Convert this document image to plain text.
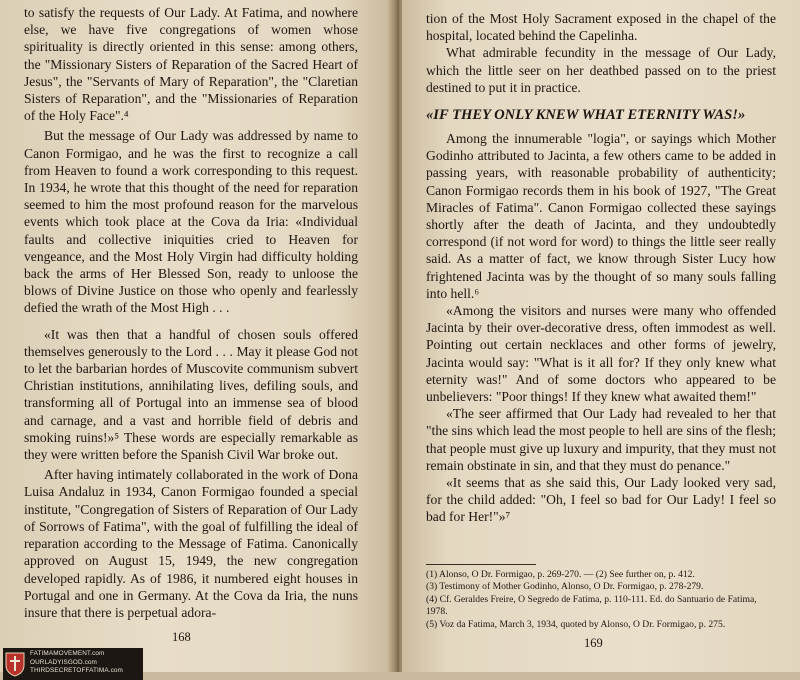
to satisfy the requests of Our Lady. At Fatima, and nowhere else, we have five congregations of women whose spirituality is directly oriented in this sense: among others, the "Missionary Sisters of Reparation of the Sacred Heart of Jesus", the "Servants of Mary of Reparation", the "Claretian Sisters of Reparation", and the "Missionaries of Reparation of the Holy Face".⁴

But the message of Our Lady was addressed by name to Canon Formigao, and he was the first to recognize a call from Heaven to found a work corresponding to this request. In 1934, he wrote that this thought of the need for reparation seemed to him the most profound reason for the marvelous events which took place at the Cova da Iria: «Individual faults and collective iniquities cried to Heaven for vengeance, and the Most Holy Virgin had difficulty holding back the arms of Her Blessed Son, ready to unloose the blows of Divine Justice on those who openly and fearlessly defied the wrath of the Most High . . .

«It was then that a handful of chosen souls offered themselves generously to the Lord . . . May it please God not to let the barbarian hordes of Muscovite communism subvert Christian institutions, annihilating lives, defiling souls, and transforming all of Portugal into an immense sea of blood and carnage, and a vast and horrible field of debris and smoking ruins!»⁵ These words are especially remarkable as they were written before the Spanish Civil War broke out.

After having intimately collaborated in the work of Dona Luisa Andaluz in 1934, Canon Formigao founded a special institute, "Congregation of Sisters of Reparation of Our Lady of Sorrows of Fatima", with the goal of fulfilling the ideal of reparation according to the Message of Fatima. Canonically approved on August 15, 1949, the new congregation developed rapidly. As of 1986, it numbered eight houses in Portugal and one in Germany. At the Cova da Iria, the nuns insure that there is perpetual adora-

168

tion of the Most Holy Sacrament exposed in the chapel of the hospital, located behind the Capelinha.

What admirable fecundity in the message of Our Lady, which the little seer on her deathbed passed on to the priest destined to put it in practice.

«IF THEY ONLY KNEW WHAT ETERNITY WAS!»

Among the innumerable "logia", or sayings which Mother Godinho attributed to Jacinta, a few others came to be added in passing years, with reasonable probability of authenticity; Canon Formigao records them in his book of 1927, "The Great Miracles of Fatima". Canon Formigao collected these sayings shortly after the death of Jacinta, and they undoubtedly correspond (if not word for word) to things the little seer really said. As a matter of fact, we know through Sister Lucy how frightened Jacinta was by the thought of so many souls falling into hell.⁶

«Among the visitors and nurses were many who offended Jacinta by their over-decorative dress, often immodest as well. Pointing out certain necklaces and other forms of jewelry, Jacinta would say: "What is it all for? If they only knew what eternity was!" And of some doctors who appeared to be unbelievers: "Poor things! If they knew what awaited them!"

«The seer affirmed that Our Lady had revealed to her that "the sins which lead the most people to hell are sins of the flesh; that people must give up luxury and impurity, that they must not remain obstinate in sin, and that they must do penance."

«It seems that as she said this, Our Lady looked very sad, for the child added: "Oh, I feel so bad for Our Lady! I feel so bad for Her!"»⁷

(1) Alonso, O Dr. Formigao, p. 269-270. — (2) See further on, p. 412.
(3) Testimony of Mother Godinho, Alonso, O Dr. Formigao, p. 278-279.
(4) Cf. Geraldes Freire, O Segredo de Fatima, p. 110-111. Ed. do Santuario de Fatima, 1978.
(5) Voz da Fatima, March 3, 1934, quoted by Alonso, O Dr. Formigao, p. 275.
169
FATIMAMOVEMENT.com
OURLADYISGOD.com
THIRDSECRETOFFATIMA.com
